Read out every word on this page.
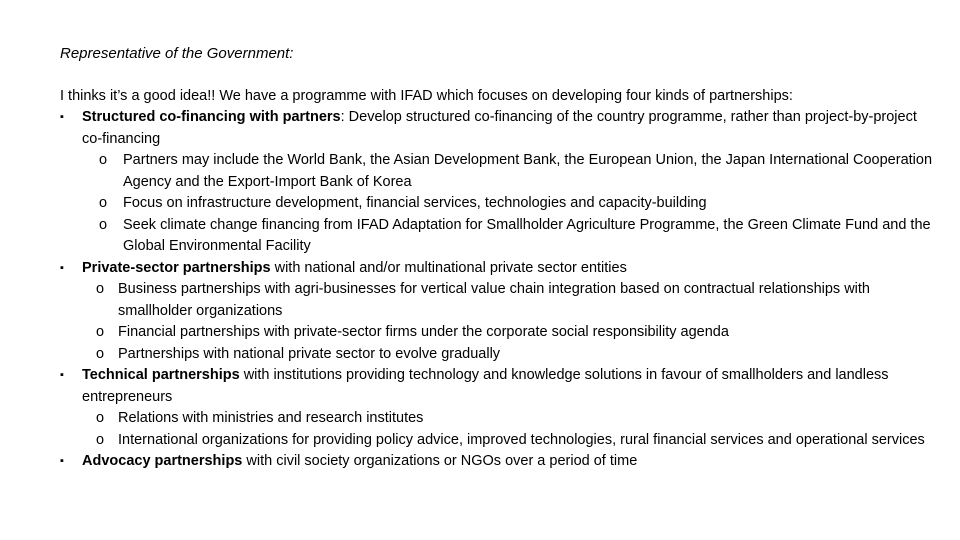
Representative of the Government:
I thinks it’s a good idea!! We have a programme with IFAD which focuses on developing four kinds of partnerships:
▪ Structured co-financing with partners: Develop structured co-financing of the country programme, rather than project-by-project co-financing
o Partners may include the World Bank, the Asian Development Bank, the European Union, the Japan International Cooperation Agency and the Export-Import Bank of Korea
o Focus on infrastructure development, financial services, technologies and capacity-building
o Seek climate change financing from IFAD Adaptation for Smallholder Agriculture Programme, the Green Climate Fund and the Global Environmental Facility
▪ Private-sector partnerships with national and/or multinational private sector entities
o Business partnerships with agri-businesses for vertical value chain integration based on contractual relationships with smallholder organizations
o Financial partnerships with private-sector firms under the corporate social responsibility agenda
o Partnerships with national private sector to evolve gradually
▪ Technical partnerships with institutions providing technology and knowledge solutions in favour of smallholders and landless entrepreneurs
o Relations with ministries and research institutes
o International organizations for providing policy advice, improved technologies, rural financial services and operational services
▪ Advocacy partnerships with civil society organizations or NGOs over a period of time
